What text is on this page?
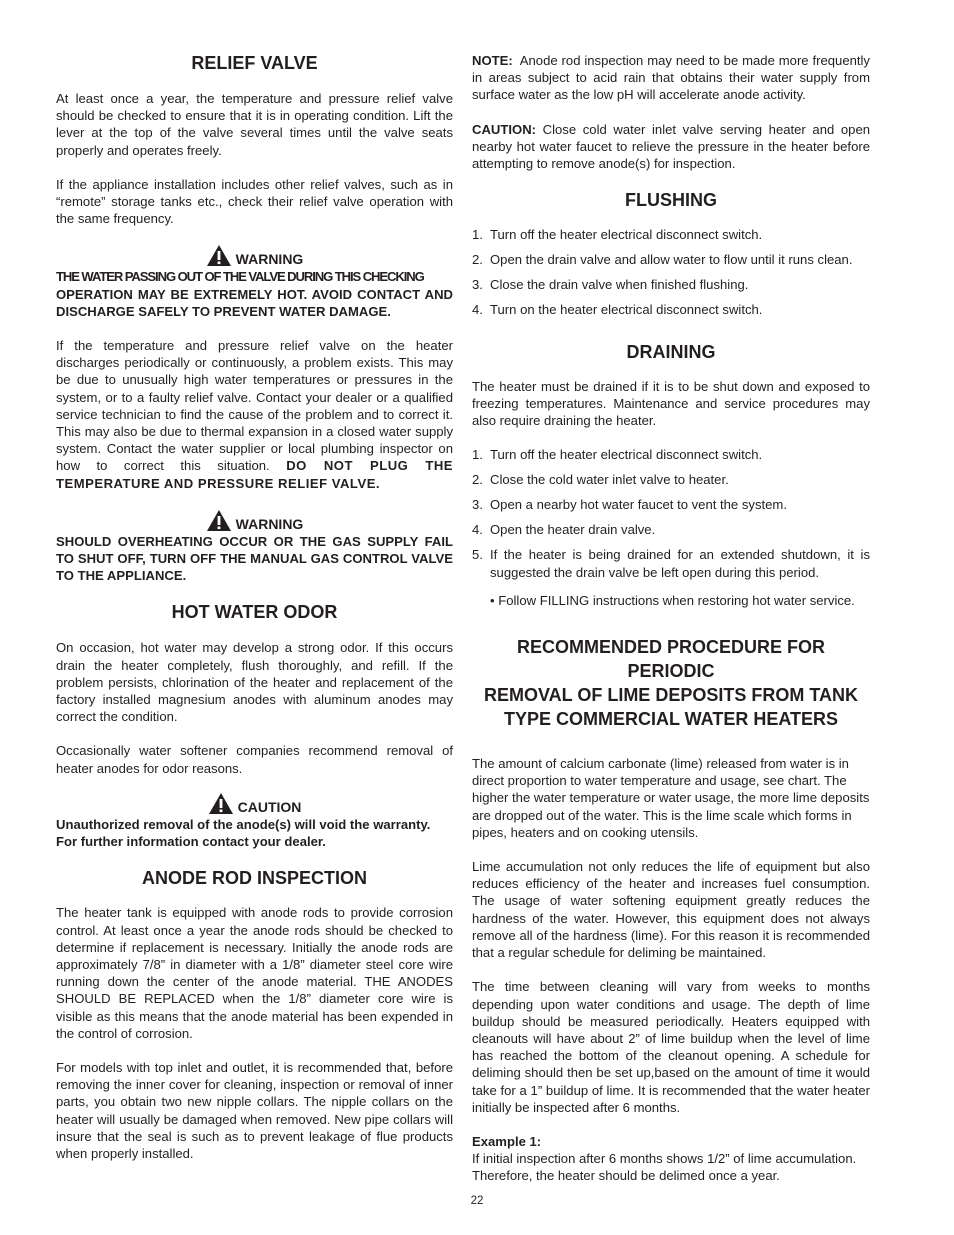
RELIEF VALVE

At least once a year, the temperature and pressure relief valve should be checked to ensure that it is in operating condition. Lift the lever at the top of the valve several times until the valve seats properly and operates freely.

If the appliance installation includes other relief valves, such as in “remote” storage tanks etc., check their relief valve operation with the same frequency.

WARNING

THE WATER PASSING OUT OF THE VALVE DURING THIS CHECKING
OPERATION MAY BE EXTREMELY HOT. AVOID CONTACT AND DISCHARGE SAFELY TO PREVENT WATER DAMAGE.

If the temperature and pressure relief valve on the heater discharges periodically or continuously, a problem exists. This may be due to unusually high water temperatures or pressures in the system, or to a faulty relief valve. Contact your dealer or a qualified service technician to find the cause of the problem and to correct it. This may also be due to thermal expansion in a closed water supply system. Contact the water supplier or local plumbing inspector on how to correct this situation. DO NOT PLUG THE TEMPERATURE AND PRESSURE RELIEF VALVE.

WARNING

SHOULD OVERHEATING OCCUR OR THE GAS SUPPLY FAIL TO SHUT OFF, TURN OFF THE MANUAL GAS CONTROL VALVE TO THE APPLIANCE.

HOT WATER ODOR

On occasion, hot water may develop a strong odor. If this occurs drain the heater completely, flush thoroughly, and refill. If the problem persists, chlorination of the heater and replacement of the factory installed magnesium anodes with aluminum anodes may correct the condition.

Occasionally water softener companies recommend removal of heater anodes for odor reasons.

CAUTION

Unauthorized removal of the anode(s) will void the warranty. For further information contact your dealer.

ANODE ROD INSPECTION

The heater tank is equipped with anode rods to provide corrosion control. At least once a year the anode rods should be checked to determine if replacement is necessary. Initially the anode rods are approximately 7/8” in diameter with a 1/8” diameter steel core wire running down the center of the anode material. THE ANODES SHOULD BE REPLACED when the 1/8” diameter core wire is visible as this means that the anode material has been expended in the control of corrosion.

For models with top inlet and outlet, it is recommended that, before removing the inner cover for cleaning, inspection or removal of inner parts, you obtain two new nipple collars. The nipple collars on the heater will usually be damaged when removed. New pipe collars will insure that the seal is such as to prevent leakage of flue products when properly installed.

NOTE: Anode rod inspection may need to be made more frequently in areas subject to acid rain that obtains their water supply from surface water as the low pH will accelerate anode activity.

CAUTION: Close cold water inlet valve serving heater and open nearby hot water faucet to relieve the pressure in the heater before attempting to remove anode(s) for inspection.

FLUSHING
1. Turn off the heater electrical disconnect switch.
2. Open the drain valve and allow water to flow until it runs clean.
3. Close the drain valve when finished flushing.
4. Turn on the heater electrical disconnect switch.
DRAINING

The heater must be drained if it is to be shut down and exposed to freezing temperatures. Maintenance and service procedures may also require draining the heater.

1. Turn off the heater electrical disconnect switch.
2. Close the cold water inlet valve to heater.
3. Open a nearby hot water faucet to vent the system.
4. Open the heater drain valve.
5. If the heater is being drained for an extended shutdown, it is suggested the drain valve be left open during this period.
• Follow FILLING instructions when restoring hot water service.
RECOMMENDED PROCEDURE FOR PERIODIC
REMOVAL OF LIME DEPOSITS FROM TANK
TYPE COMMERCIAL WATER HEATERS

The amount of calcium carbonate (lime) released from water is in direct proportion to water temperature and usage, see chart. The higher the water temperature or water usage, the more lime deposits are dropped out of the water. This is the lime scale which forms in pipes, heaters and on cooking utensils.

Lime accumulation not only reduces the life of equipment but also reduces efficiency of the heater and increases fuel consumption. The usage of water softening equipment greatly reduces the hardness of the water. However, this equipment does not always remove all of the hardness (lime). For this reason it is recommended that a regular schedule for deliming be maintained.

The time between cleaning will vary from weeks to months depending upon water conditions and usage. The depth of lime buildup should be measured periodically. Heaters equipped with cleanouts will have about 2” of lime buildup when the level of lime has reached the bottom of the cleanout opening. A schedule for deliming should then be set up,based on the amount of time it would take for a 1” buildup of lime. It is recommended that the water heater initially be inspected after 6 months.

Example 1:
If initial inspection after 6 months shows 1/2” of lime accumulation. Therefore, the heater should be delimed once a year.

22
